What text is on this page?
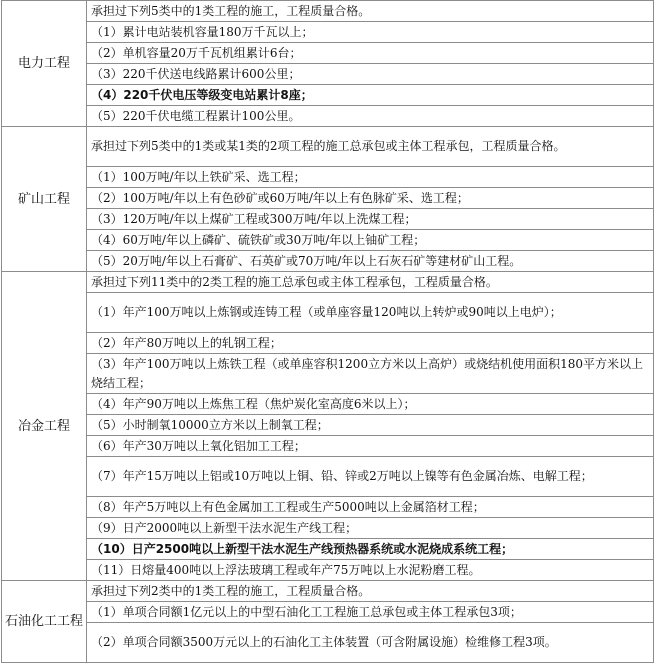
电力工程	承担过下列5类中的1类工程的施工，工程质量合格。
	（1）累计电站装机容量180万千瓦以上；
	（2）单机容量20万千瓦机组累计6台；
	（3）220千伏送电线路累计600公里；
	（4）220千伏电压等级变电站累计8座；
	（5）220千伏电缆工程累计100公里。
矿山工程	承担过下列5类中的1类或某1类的2项工程的施工总承包或主体工程承包，工程质量合格。
	（1）100万吨/年以上铁矿采、选工程；
	（2）100万吨/年以上有色砂矿或60万吨/年以上有色脉矿采、选工程；
	（3）120万吨/年以上煤矿工程或300万吨/年以上洗煤工程；
	（4）60万吨/年以上磷矿、硫铁矿或30万吨/年以上铀矿工程；
	（5）20万吨/年以上石膏矿、石英矿或70万吨/年以上石灰石矿等建材矿山工程。
冶金工程	承担过下列11类中的2类工程的施工总承包或主体工程承包，工程质量合格。
	（1）年产100万吨以上炼钢或连铸工程（或单座容量120吨以上转炉或90吨以上电炉）；
	（2）年产80万吨以上的轧钢工程；
	（3）年产100万吨以上炼铁工程（或单座容积1200立方米以上高炉）或烧结机使用面积180平方米以上烧结工程；
	（4）年产90万吨以上炼焦工程（焦炉炭化室高度6米以上）；
	（5）小时制氧10000立方米以上制氧工程；
	（6）年产30万吨以上氧化铝加工工程；
	（7）年产15万吨以上铝或10万吨以上铜、铅、锌或2万吨以上镍等有色金属冶炼、电解工程；
	（8）年产5万吨以上有色金属加工工程或生产5000吨以上金属箔材工程；
	（9）日产2000吨以上新型干法水泥生产线工程；
	（10）日产2500吨以上新型干法水泥生产线预热器系统或水泥烧成系统工程；
	（11）日熔量400吨以上浮法玻璃工程或年产75万吨以上水泥粉磨工程。
石油化工工程	承担过下列2类中的1类工程的施工，工程质量合格。
	（1）单项合同额1亿元以上的中型石油化工工程施工总承包或主体工程承包3项；
	（2）单项合同额3500万元以上的石油化工主体装置（可含附属设施）检维修工程3项。
